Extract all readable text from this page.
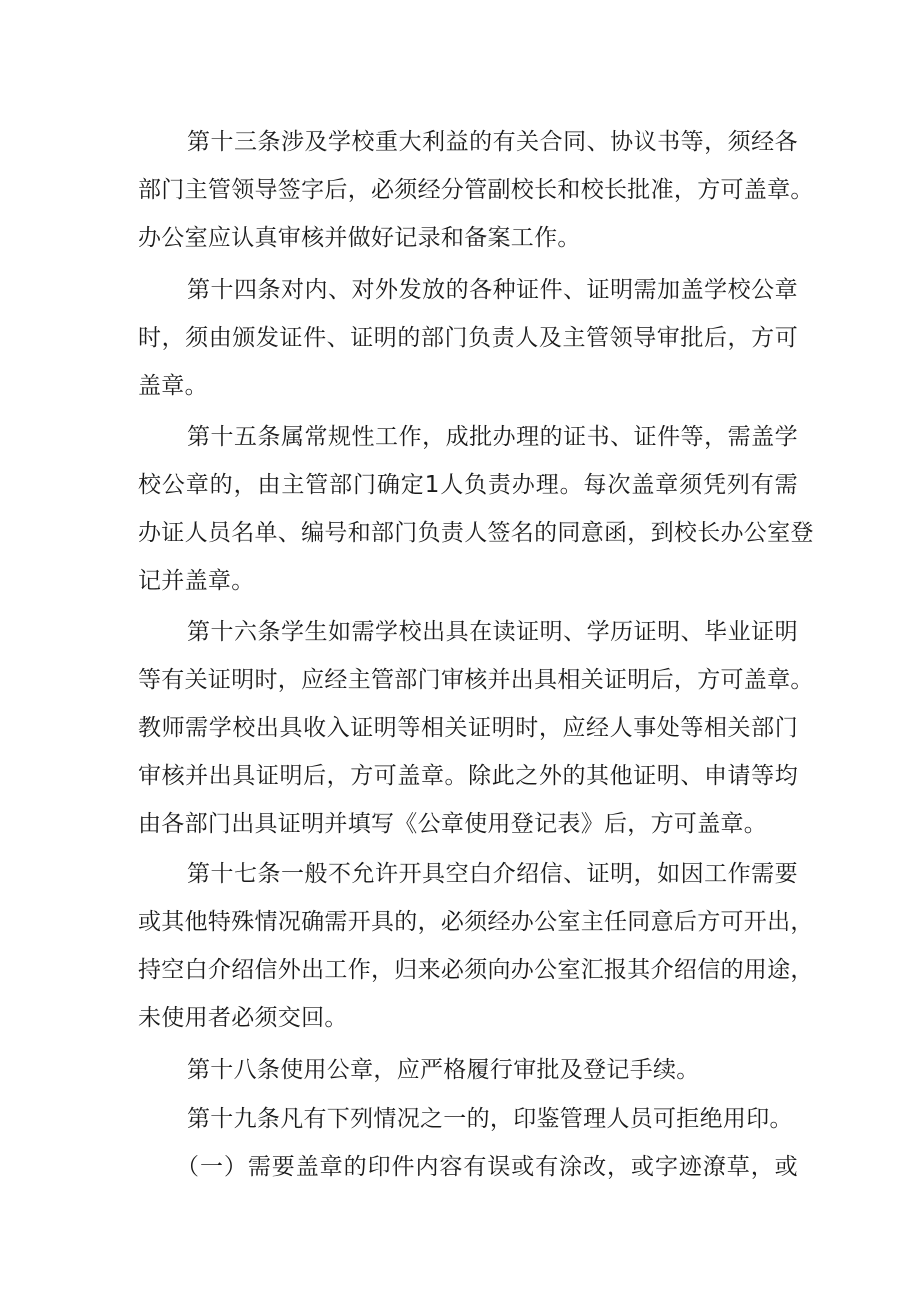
第十三条涉及学校重大利益的有关合同、协议书等，须经各
部门主管领导签字后，必须经分管副校长和校长批准，方可盖章。
办公室应认真审核并做好记录和备案工作。
第十四条对内、对外发放的各种证件、证明需加盖学校公章
时，须由颁发证件、证明的部门负责人及主管领导审批后，方可
盖章。
第十五条属常规性工作，成批办理的证书、证件等，需盖学
校公章的，由主管部门确定1人负责办理。每次盖章须凭列有需
办证人员名单、编号和部门负责人签名的同意函，到校长办公室登
记并盖章。
第十六条学生如需学校出具在读证明、学历证明、毕业证明
等有关证明时，应经主管部门审核并出具相关证明后，方可盖章。
教师需学校出具收入证明等相关证明时，应经人事处等相关部门
审核并出具证明后，方可盖章。除此之外的其他证明、申请等均
由各部门出具证明并填写《公章使用登记表》后，方可盖章。
第十七条一般不允许开具空白介绍信、证明，如因工作需要
或其他特殊情况确需开具的，必须经办公室主任同意后方可开出，
持空白介绍信外出工作，归来必须向办公室汇报其介绍信的用途，
未使用者必须交回。
第十八条使用公章，应严格履行审批及登记手续。
第十九条凡有下列情况之一的，印鉴管理人员可拒绝用印。
（一）需要盖章的印件内容有误或有涂改，或字迹潦草，或
